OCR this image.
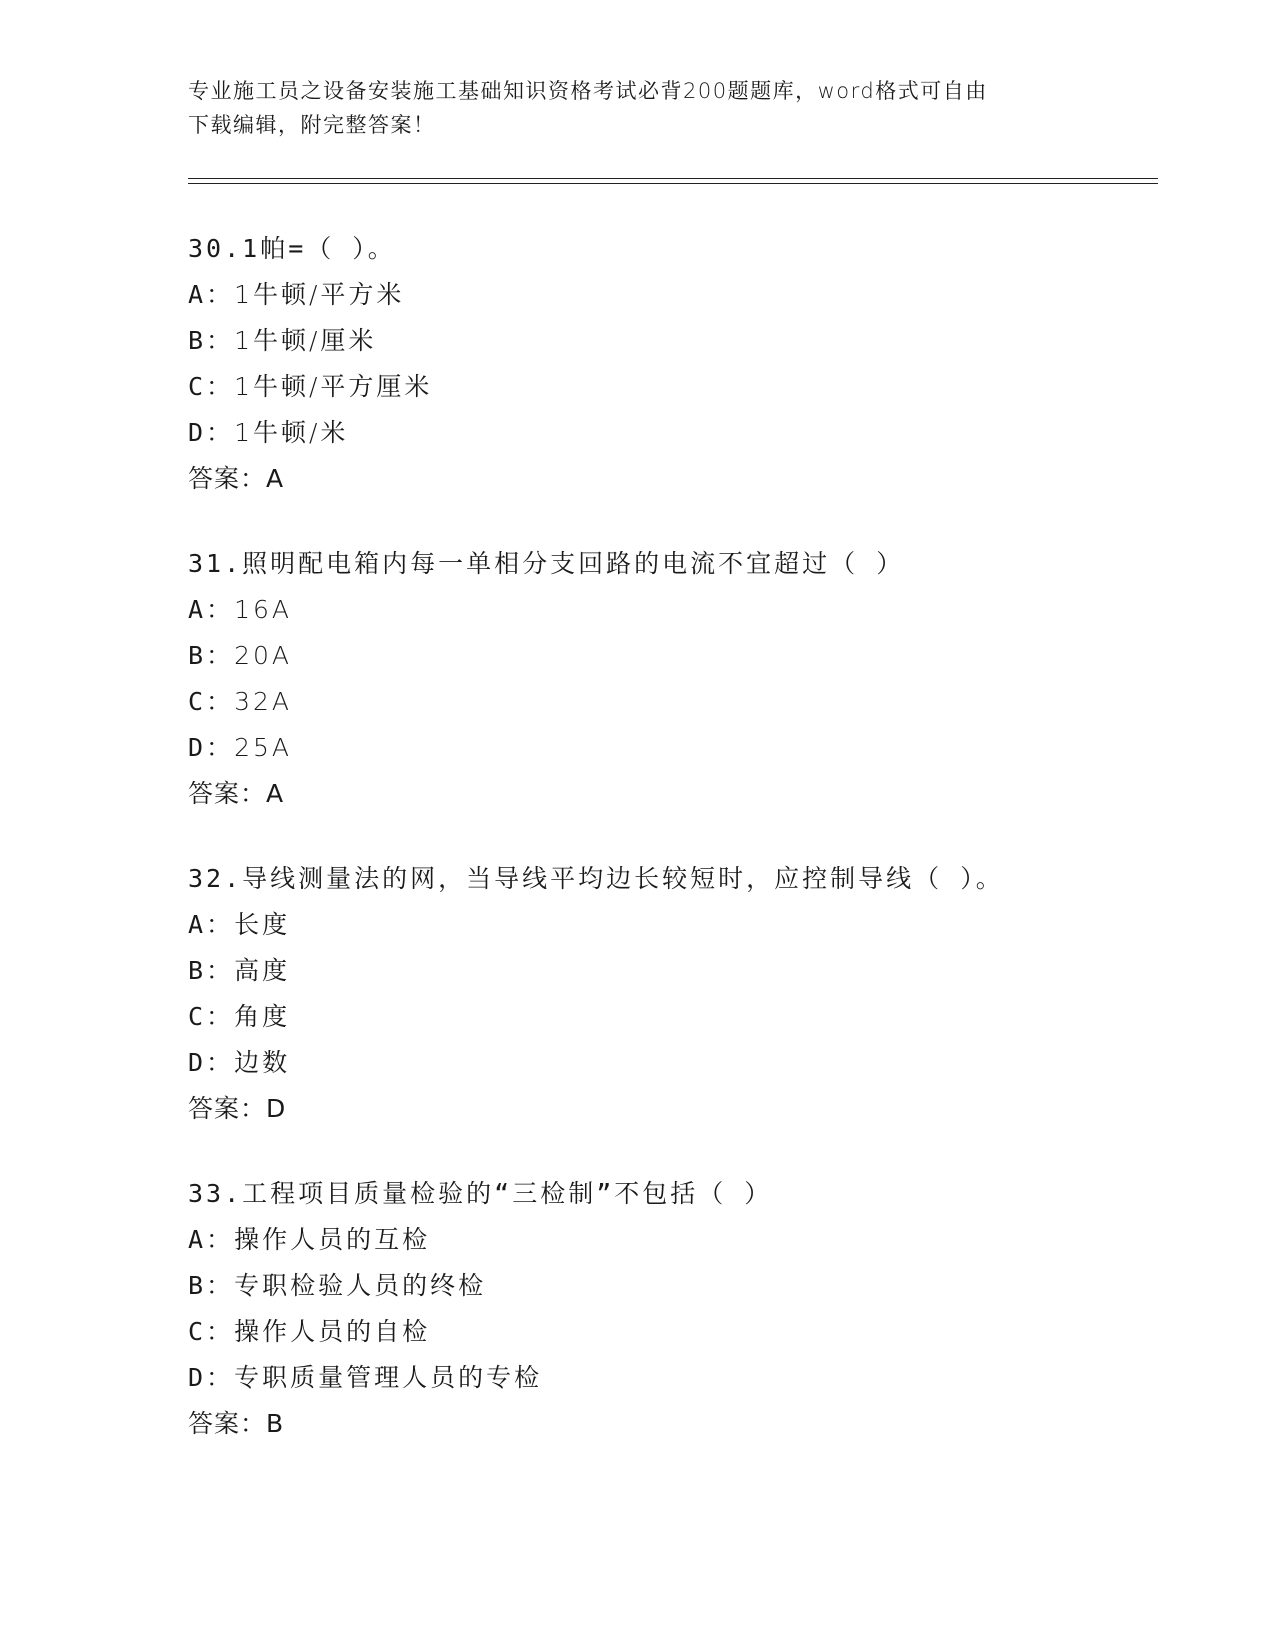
专业施工员之设备安装施工基础知识资格考试必背200题题库，word格式可自由
下载编辑，附完整答案！
30.1帕=（ ）。
A：1牛顿/平方米
B：1牛顿/厘米
C：1牛顿/平方厘米
D：1牛顿/米
答案：A
31.照明配电箱内每一单相分支回路的电流不宜超过（ ）
A：16A
B：20A
C：32A
D：25A
答案：A
32.导线测量法的网，当导线平均边长较短时，应控制导线（ ）。
A：长度
B：高度
C：角度
D：边数
答案：D
33.工程项目质量检验的“三检制”不包括（ ）
A：操作人员的互检
B：专职检验人员的终检
C：操作人员的自检
D：专职质量管理人员的专检
答案：B
